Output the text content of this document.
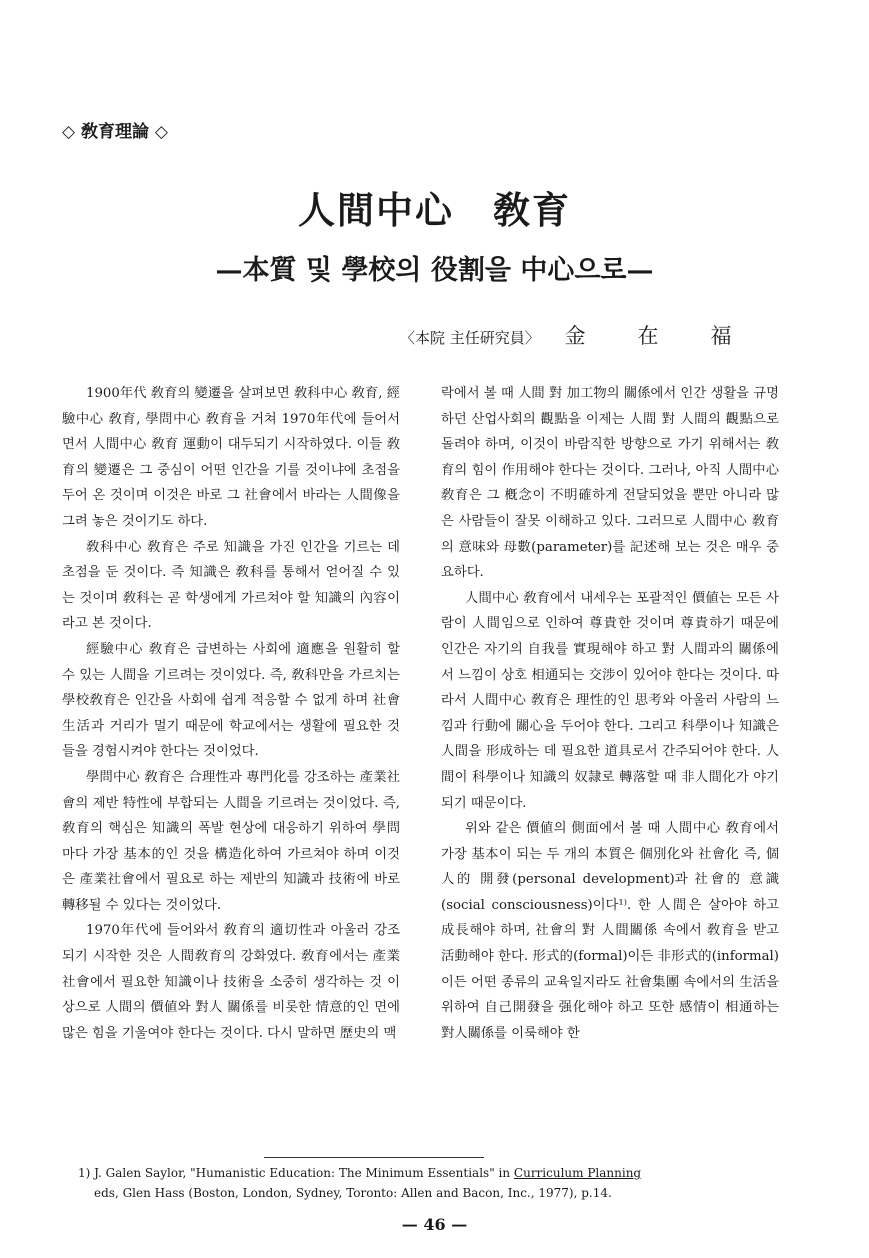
◇ 敎育理論 ◇
人間中心　敎育
—本質 및 學校의 役割을 中心으로—
〈本院 主任硏究員〉 金在福

1900年代 敎育의 變遷을 살펴보면 敎科中心 敎育, 經驗中心 敎育, 學問中心 敎育을 거쳐 1970年代에 들어서면서 人間中心 敎育 運動이 대두되기 시작하였다. 이들 敎育의 變遷은 그 중심이 어떤 인간을 기를 것이냐에 초점을 두어 온 것이며 이것은 바로 그 社會에서 바라는 人間像을 그려 놓은 것이기도 하다.

敎科中心 敎育은 주로 知識을 가진 인간을 기르는 데 초점을 둔 것이다. 즉 知識은 敎科를 통해서 얻어질 수 있는 것이며 敎科는 곧 학생에게 가르쳐야 할 知識의 內容이라고 본 것이다.

經驗中心 敎育은 급변하는 사회에 適應을 원활히 할 수 있는 人間을 기르려는 것이었다. 즉, 敎科만을 가르치는 學校敎育은 인간을 사회에 쉽게 적응할 수 없게 하며 社會生活과 거리가 멀기 때문에 학교에서는 생활에 필요한 것들을 경험시켜야 한다는 것이었다.

學問中心 敎育은 合理性과 專門化를 강조하는 產業社會의 제반 特性에 부합되는 人間을 기르려는 것이었다. 즉, 敎育의 핵심은 知識의 폭발 현상에 대응하기 위하여 學問마다 가장 基本的인 것을 構造化하여 가르쳐야 하며 이것은 產業社會에서 필요로 하는 제반의 知識과 技術에 바로 轉移될 수 있다는 것이었다.

1970年代에 들어와서 敎育의 適切性과 아울러 강조되기 시작한 것은 人間敎育의 강화였다. 敎育에서는 產業社會에서 필요한 知識이나 技術을 소중히 생각하는 것 이상으로 人間의 價値와 對人 關係를 비롯한 情意的인 면에 많은 힘을 기울여야 한다는 것이다. 다시 말하면 歷史의 맥

락에서 볼 때 人間 對 加工物의 關係에서 인간 생활을 규명하던 산업사회의 觀點을 이제는 人間 對 人間의 觀點으로 돌려야 하며, 이것이 바람직한 방향으로 가기 위해서는 敎育의 힘이 作用해야 한다는 것이다. 그러나, 아직 人間中心 敎育은 그 槪念이 不明確하게 전달되었을 뿐만 아니라 많은 사람들이 잘못 이해하고 있다. 그러므로 人間中心 敎育의 意味와 母數(parameter)를 記述해 보는 것은 매우 중요하다.

人間中心 敎育에서 내세우는 포괄적인 價値는 모든 사람이 人間임으로 인하여 尊貴한 것이며 尊貴하기 때문에 인간은 자기의 自我를 實現해야 하고 對 人間과의 關係에서 느낌이 상호 相通되는 交涉이 있어야 한다는 것이다. 따라서 人間中心 敎育은 理性的인 思考와 아울러 사람의 느낌과 行動에 關心을 두어야 한다. 그리고 科學이나 知識은 人間을 形成하는 데 필요한 道具로서 간주되어야 한다. 人間이 科學이나 知識의 奴隷로 轉落할 때 非人間化가 야기되기 때문이다.

위와 같은 價値의 側面에서 볼 때 人間中心 敎育에서 가장 基本이 되는 두 개의 本質은 個別化와 社會化 즉, 個人的 開發(personal development)과 社會的 意識(social consciousness)이다¹⁾. 한 人間은 살아야 하고 成長해야 하며, 社會의 對 人間關係 속에서 敎育을 받고 活動해야 한다. 形式的(formal)이든 非形式的(informal)이든 어떤 종류의 교육일지라도 社會集團 속에서의 生活을 위하여 自己開發을 强化해야 하고 또한 感情이 相通하는 對人關係를 이룩해야 한

1) J. Galen Saylor, "Humanistic Education: The Minimum Essentials" in Curriculum Planning
eds, Glen Hass (Boston, London, Sydney, Toronto: Allen and Bacon, Inc., 1977), p.14.
— 46 —
